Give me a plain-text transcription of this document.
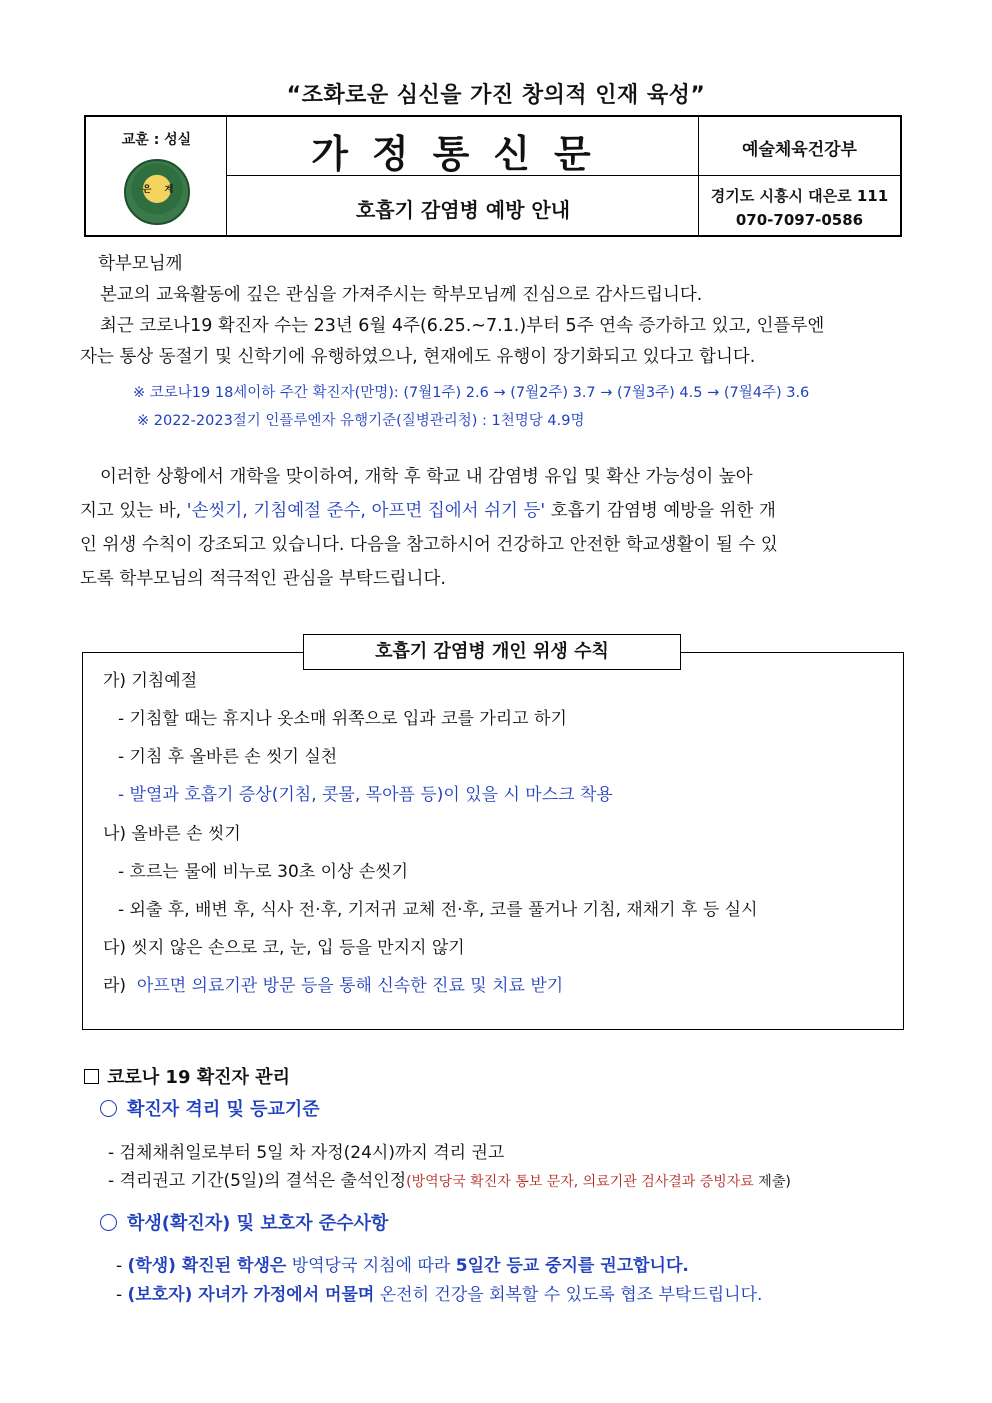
“조화로운 심신을 가진 창의적 인재 육성”
교훈 : 성실
은 계
가정통신문
호흡기 감염병 예방 안내
예술체육건강부
경기도 시흥시 대은로 111
070-7097-0586
학부모님께
본교의 교육활동에 깊은 관심을 가져주시는 학부모님께 진심으로 감사드립니다.
최근 코로나19 확진자 수는 23년 6월 4주(6.25.~7.1.)부터 5주 연속 증가하고 있고, 인플루엔
자는 통상 동절기 및 신학기에 유행하였으나, 현재에도 유행이 장기화되고 있다고 합니다.
※ 코로나19 18세이하 주간 확진자(만명): (7월1주) 2.6 → (7월2주) 3.7 → (7월3주) 4.5 → (7월4주) 3.6
※ 2022-2023절기 인플루엔자 유행기준(질병관리청) : 1천명당 4.9명
이러한 상황에서 개학을 맞이하여, 개학 후 학교 내 감염병 유입 및 확산 가능성이 높아
지고 있는 바, '손씻기, 기침예절 준수, 아프면 집에서 쉬기 등' 호흡기 감염병 예방을 위한 개
인 위생 수칙이 강조되고 있습니다. 다음을 참고하시어 건강하고 안전한 학교생활이 될 수 있
도록 학부모님의 적극적인 관심을 부탁드립니다.
호흡기 감염병 개인 위생 수칙
가) 기침예절
- 기침할 때는 휴지나 옷소매 위쪽으로 입과 코를 가리고 하기
- 기침 후 올바른 손 씻기 실천
- 발열과 호흡기 증상(기침, 콧물, 목아픔 등)이 있을 시 마스크 착용
나) 올바른 손 씻기
- 흐르는 물에 비누로 30초 이상 손씻기
- 외출 후, 배변 후, 식사 전·후, 기저귀 교체 전·후, 코를 풀거나 기침, 재채기 후 등 실시
다) 씻지 않은 손으로 코, 눈, 입 등을 만지지 않기
라) 아프면 의료기관 방문 등을 통해 신속한 진료 및 치료 받기
코로나 19 확진자 관리
확진자 격리 및 등교기준
- 검체채취일로부터 5일 차 자정(24시)까지 격리 권고
- 격리권고 기간(5일)의 결석은 출석인정(방역당국 확진자 통보 문자, 의료기관 검사결과 증빙자료 제출)
학생(확진자) 및 보호자 준수사항
- (학생) 확진된 학생은 방역당국 지침에 따라 5일간 등교 중지를 권고합니다.
- (보호자) 자녀가 가정에서 머물며 온전히 건강을 회복할 수 있도록 협조 부탁드립니다.
